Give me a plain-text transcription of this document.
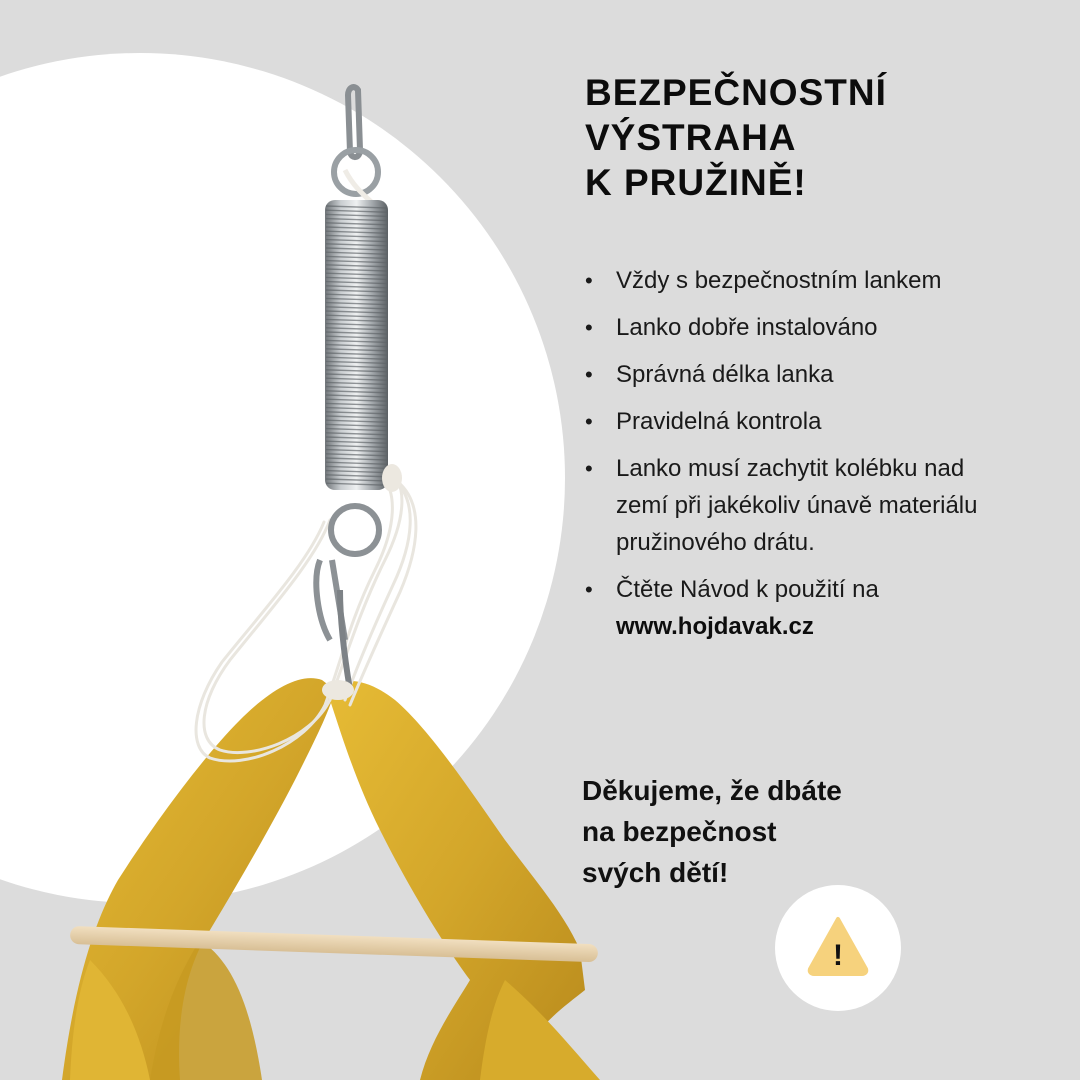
BEZPEČNOSTNÍ
VÝSTRAHA
K PRUŽINĚ!
• Vždy s bezpečnostním lankem
• Lanko dobře instalováno
• Správná délka lanka
• Pravidelná kontrola
• Lanko musí zachytit kolébku nad zemí při jakékoliv únavě materiálu pružinového drátu.
• Čtěte Návod k použití na www.hojdavak.cz

Děkujeme, že dbáte
na bezpečnost
svých dětí!

!
